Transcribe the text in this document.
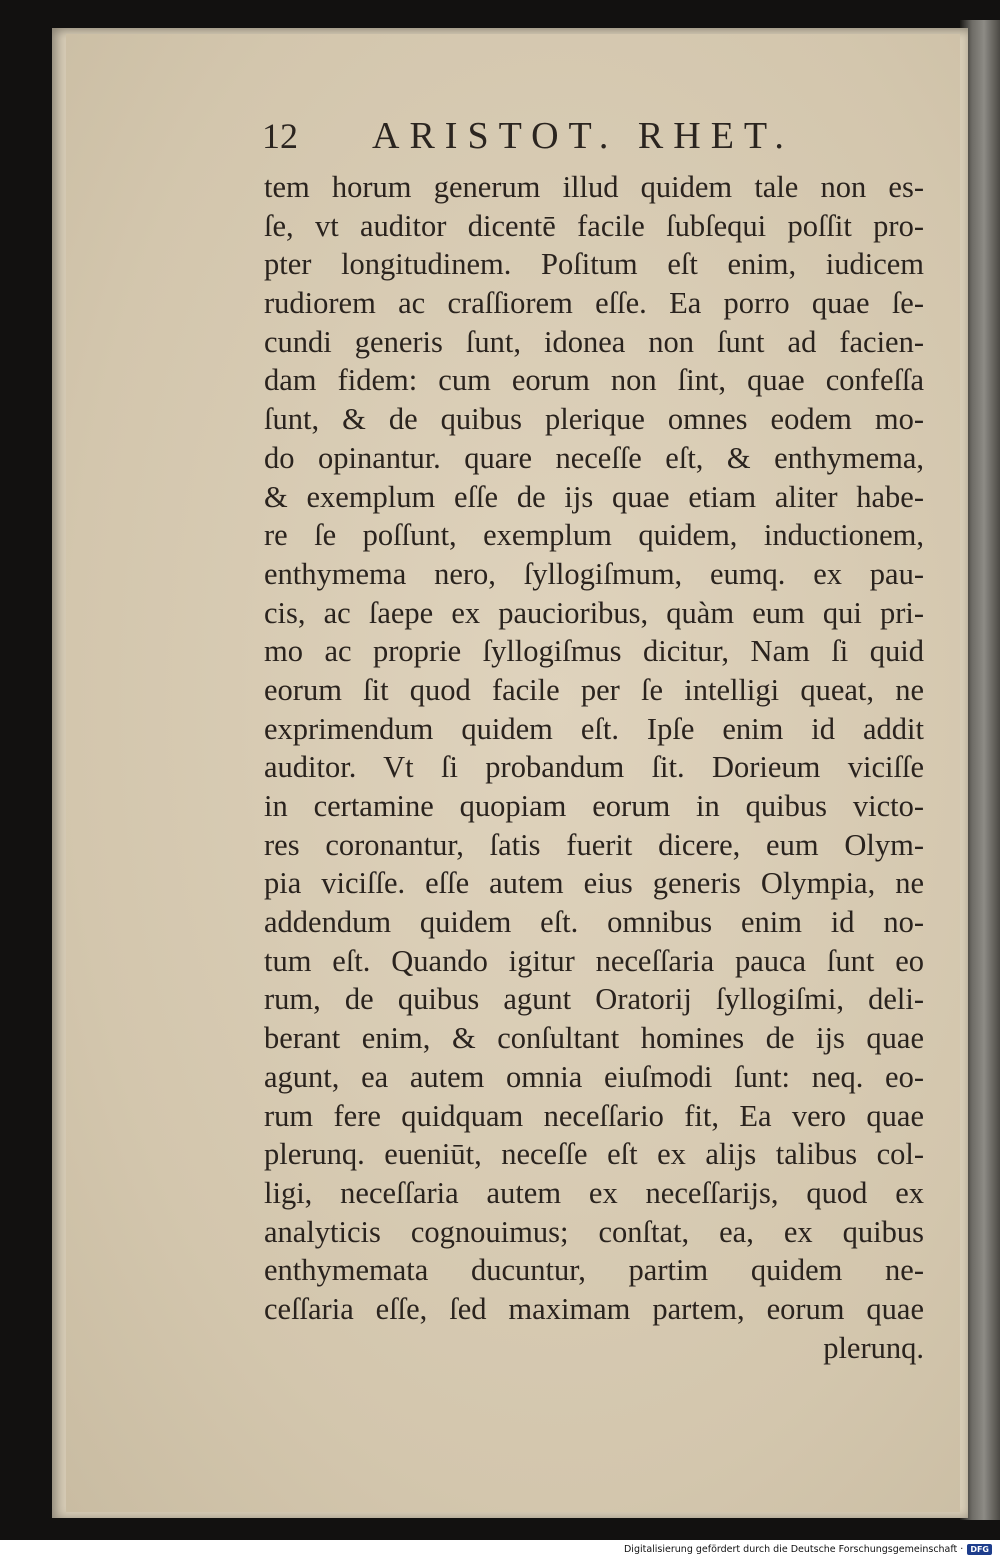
12	ARISTOT. RHET.
tem horum generum illud quidem tale non es-
ſe, vt auditor dicentē facile ſubſequi poſſit pro-
pter longitudinem. Poſitum eſt enim, iudicem
rudiorem ac craſſiorem eſſe. Ea porro quae ſe-
cundi generis ſunt, idonea non ſunt ad facien-
dam fidem: cum eorum non ſint, quae confeſſa
ſunt, & de quibus plerique omnes eodem mo-
do opinantur. quare neceſſe eſt, & enthymema,
& exemplum eſſe de ijs quae etiam aliter habe-
re ſe poſſunt, exemplum quidem, inductionem,
enthymema nero, ſyllogiſmum, eumq. ex pau-
cis, ac ſaepe ex paucioribus, quàm eum qui pri-
mo ac proprie ſyllogiſmus dicitur, Nam ſi quid
eorum ſit quod facile per ſe intelligi queat, ne
exprimendum quidem eſt. Ipſe enim id addit
auditor. Vt ſi probandum ſit. Dorieum viciſſe
in certamine quopiam eorum in quibus victo-
res coronantur, ſatis fuerit dicere, eum Olym-
pia viciſſe. eſſe autem eius generis Olympia, ne
addendum quidem eſt. omnibus enim id no-
tum eſt. Quando igitur neceſſaria pauca ſunt eo
rum, de quibus agunt Oratorij ſyllogiſmi, deli-
berant enim, & conſultant homines de ijs quae
agunt, ea autem omnia eiuſmodi ſunt: neq. eo-
rum fere quidquam neceſſario fit, Ea vero quae
plerunq. eueniūt, neceſſe eſt ex alijs talibus col-
ligi, neceſſaria autem ex neceſſarijs, quod ex
analyticis cognouimus; conſtat, ea, ex quibus
enthymemata ducuntur, partim quidem ne-
ceſſaria eſſe, ſed maximam partem, eorum quae
plerunq.
Digitalisierung gefördert durch die Deutsche Forschungsgemeinschaft · DFG
